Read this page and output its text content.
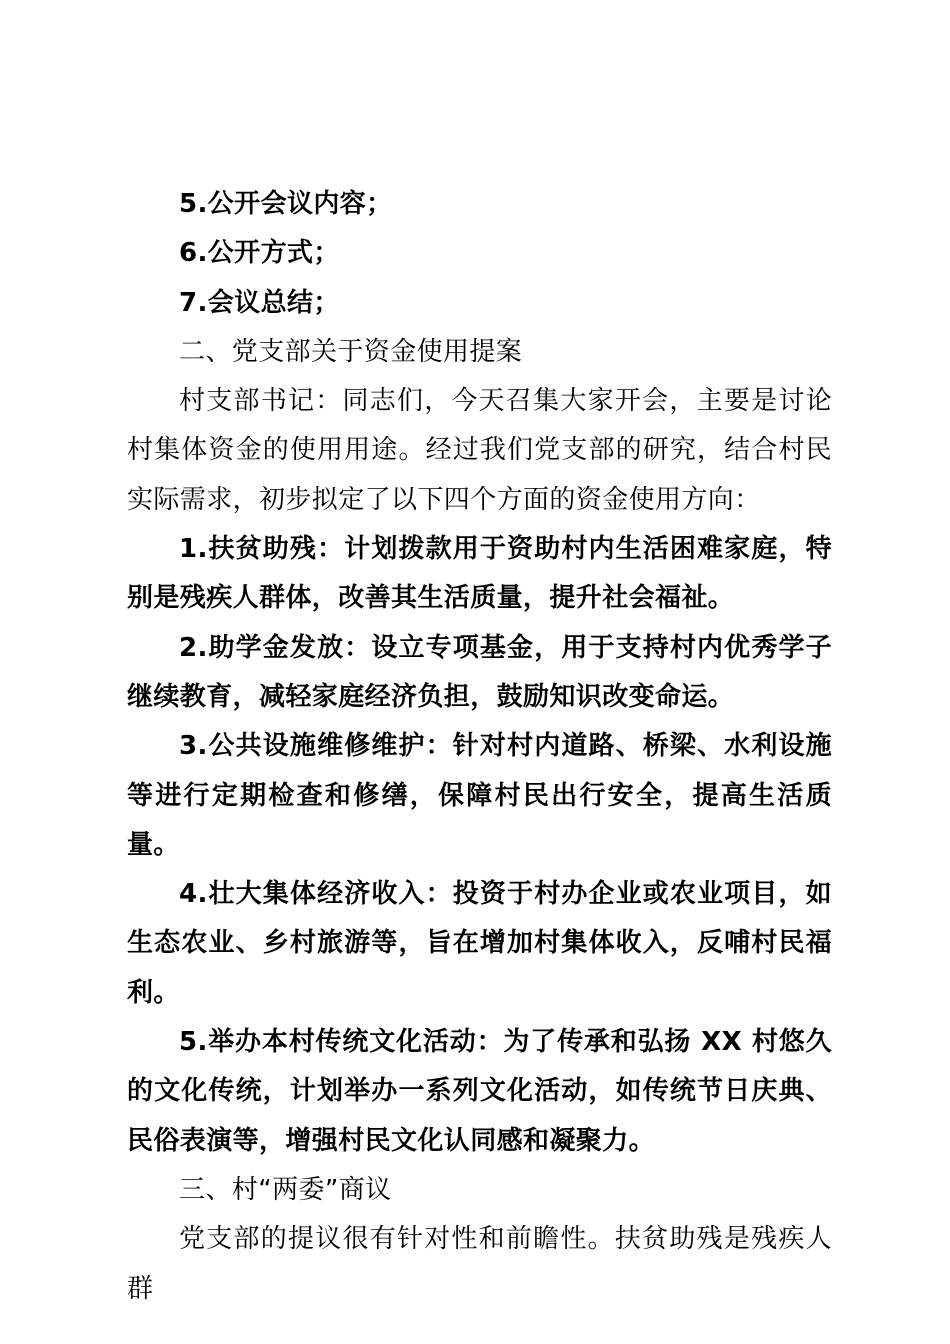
5.公开会议内容；

6.公开方式；

7.会议总结；

二、党支部关于资金使用提案

村支部书记：同志们，今天召集大家开会，主要是讨论村集体资金的使用用途。经过我们党支部的研究，结合村民实际需求，初步拟定了以下四个方面的资金使用方向：

1.扶贫助残：计划拨款用于资助村内生活困难家庭，特别是残疾人群体，改善其生活质量，提升社会福祉。

2.助学金发放：设立专项基金，用于支持村内优秀学子继续教育，减轻家庭经济负担，鼓励知识改变命运。

3.公共设施维修维护：针对村内道路、桥梁、水利设施等进行定期检查和修缮，保障村民出行安全，提高生活质量。

4.壮大集体经济收入：投资于村办企业或农业项目，如生态农业、乡村旅游等，旨在增加村集体收入，反哺村民福利。

5.举办本村传统文化活动：为了传承和弘扬 XX 村悠久的文化传统，计划举办一系列文化活动，如传统节日庆典、民俗表演等，增强村民文化认同感和凝聚力。

三、村“两委”商议

党支部的提议很有针对性和前瞻性。扶贫助残是残疾人群
